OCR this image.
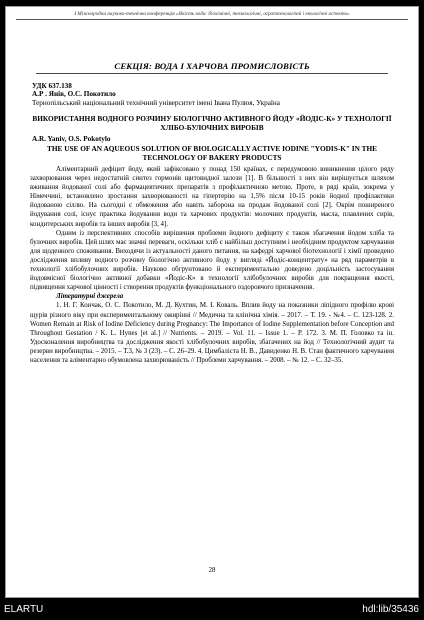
І Міжнародна науково-технічна конференція «Якість води: біохімічні, технологічні, агротехнологічні і екологічні аспекти»
СЕКЦІЯ: ВОДА І ХАРЧОВА ПРОМИСЛОВІСТЬ
УДК 637.138
А.Р . Янів, О.С. Покотило
Тернопільський національний технічний університет імені Івана Пулюя, Україна
ВИКОРИСТАННЯ ВОДНОГО РОЗЧИНУ БІОЛОГІЧНО АКТИВНОГО ЙОДУ «ЙОДІС-К» У ТЕХНОЛОГІЇ ХЛІБО-БУЛОЧНИХ ВИРОБІВ
A.R. Yaniv, O.S. Pokotylo
THE USE OF AN AQUEOUS SOLUTION OF BIOLOGICALLY ACTIVE IODINE "YODIS-K" IN THE TECHNOLOGY OF BAKERY PRODUCTS

Аліментарний дефіцит йоду, який зафіксовано у понад 150 країнах, є передумовою виникнення цілого ряду захворювання через недостатній синтез гормонів щитовидної залози [1]. В більшості з них він вирішується шляхом вживання йодованої солі або фармацевтичних препаратів з профілактичною метою. Проте, в ряді країн, зокрема у Німеччині, встановлено зростання захворюваності на гіпертерію на 1,5% після 10-15 років йодної профілактики йодованою сіллю. На сьогодні є обмеження або навіть заборона на продаж йодованої солі [2]. Окрім поширеного йодування солі, існує практика йодування води та харчових продуктів: молочних продуктів, масла, плавлених сирів, кондитерських виробів та інших виробів [3, 4].

Одним із перспективних способів вирішення проблеми йодного дефіциту є також збагачення йодом хліба та булочних виробів. Цей шлях має значні переваги, оскільки хліб є найбільш доступним і необхідним продуктом харчування для щоденного споживання. Виходячи із актуальності даного питання, на кафедрі харчової біотехнології і хімії проведено дослідження впливу водного розчину біологічно активного йоду у вигляді «Йодіс-концентрату» на ряд параметрів в технології хлібобулочних виробів. Науково обгрунтовано й експериментально доведено доцільність застосування йодовмісної біологічно активної добавки «Йодіс-К» в технології хлібобулочних виробів для покращення якості, підвищення харчової цінності і створення продуктів функціонального оздоровчого призначення.

Літературні джерела

1. Н. Г. Кончак, О. С. Покотило, М. Д. Кухтин, М. І. Коваль. Вплив йоду на показники ліпідного профілю крові щурів різного віку при експериментальному ожирінні // Медична та клінічна хімія. – 2017. – Т. 19. - №4. – С. 123-128. 2. Women Remain at Risk of Iodine Deficiency during Pregnancy: The Importance of Iodine Supplementation before Conception and Throughout Gestation / K. L. Hynes [et al.] // Nutrients. – 2019. – Vol. 11. – Issue 1. – P. 172. 3. М. П. Головко та ін. Удосконалення виробництва та дослідження якості хлібобулочних виробів, збагачених на йод // Технологічний аудит та резерви виробництва. – 2015. – Т.3, № 3 (23). – С. 26–29. 4. Цимбаліста Н. В., Давиденко Н. В. Стан фактичного харчування населення та аліментарно обумовлена захворюваність // Проблеми харчування. – 2008. – № 12. – С. 32–35.

28
ELARTU	hdl:lib/35436
